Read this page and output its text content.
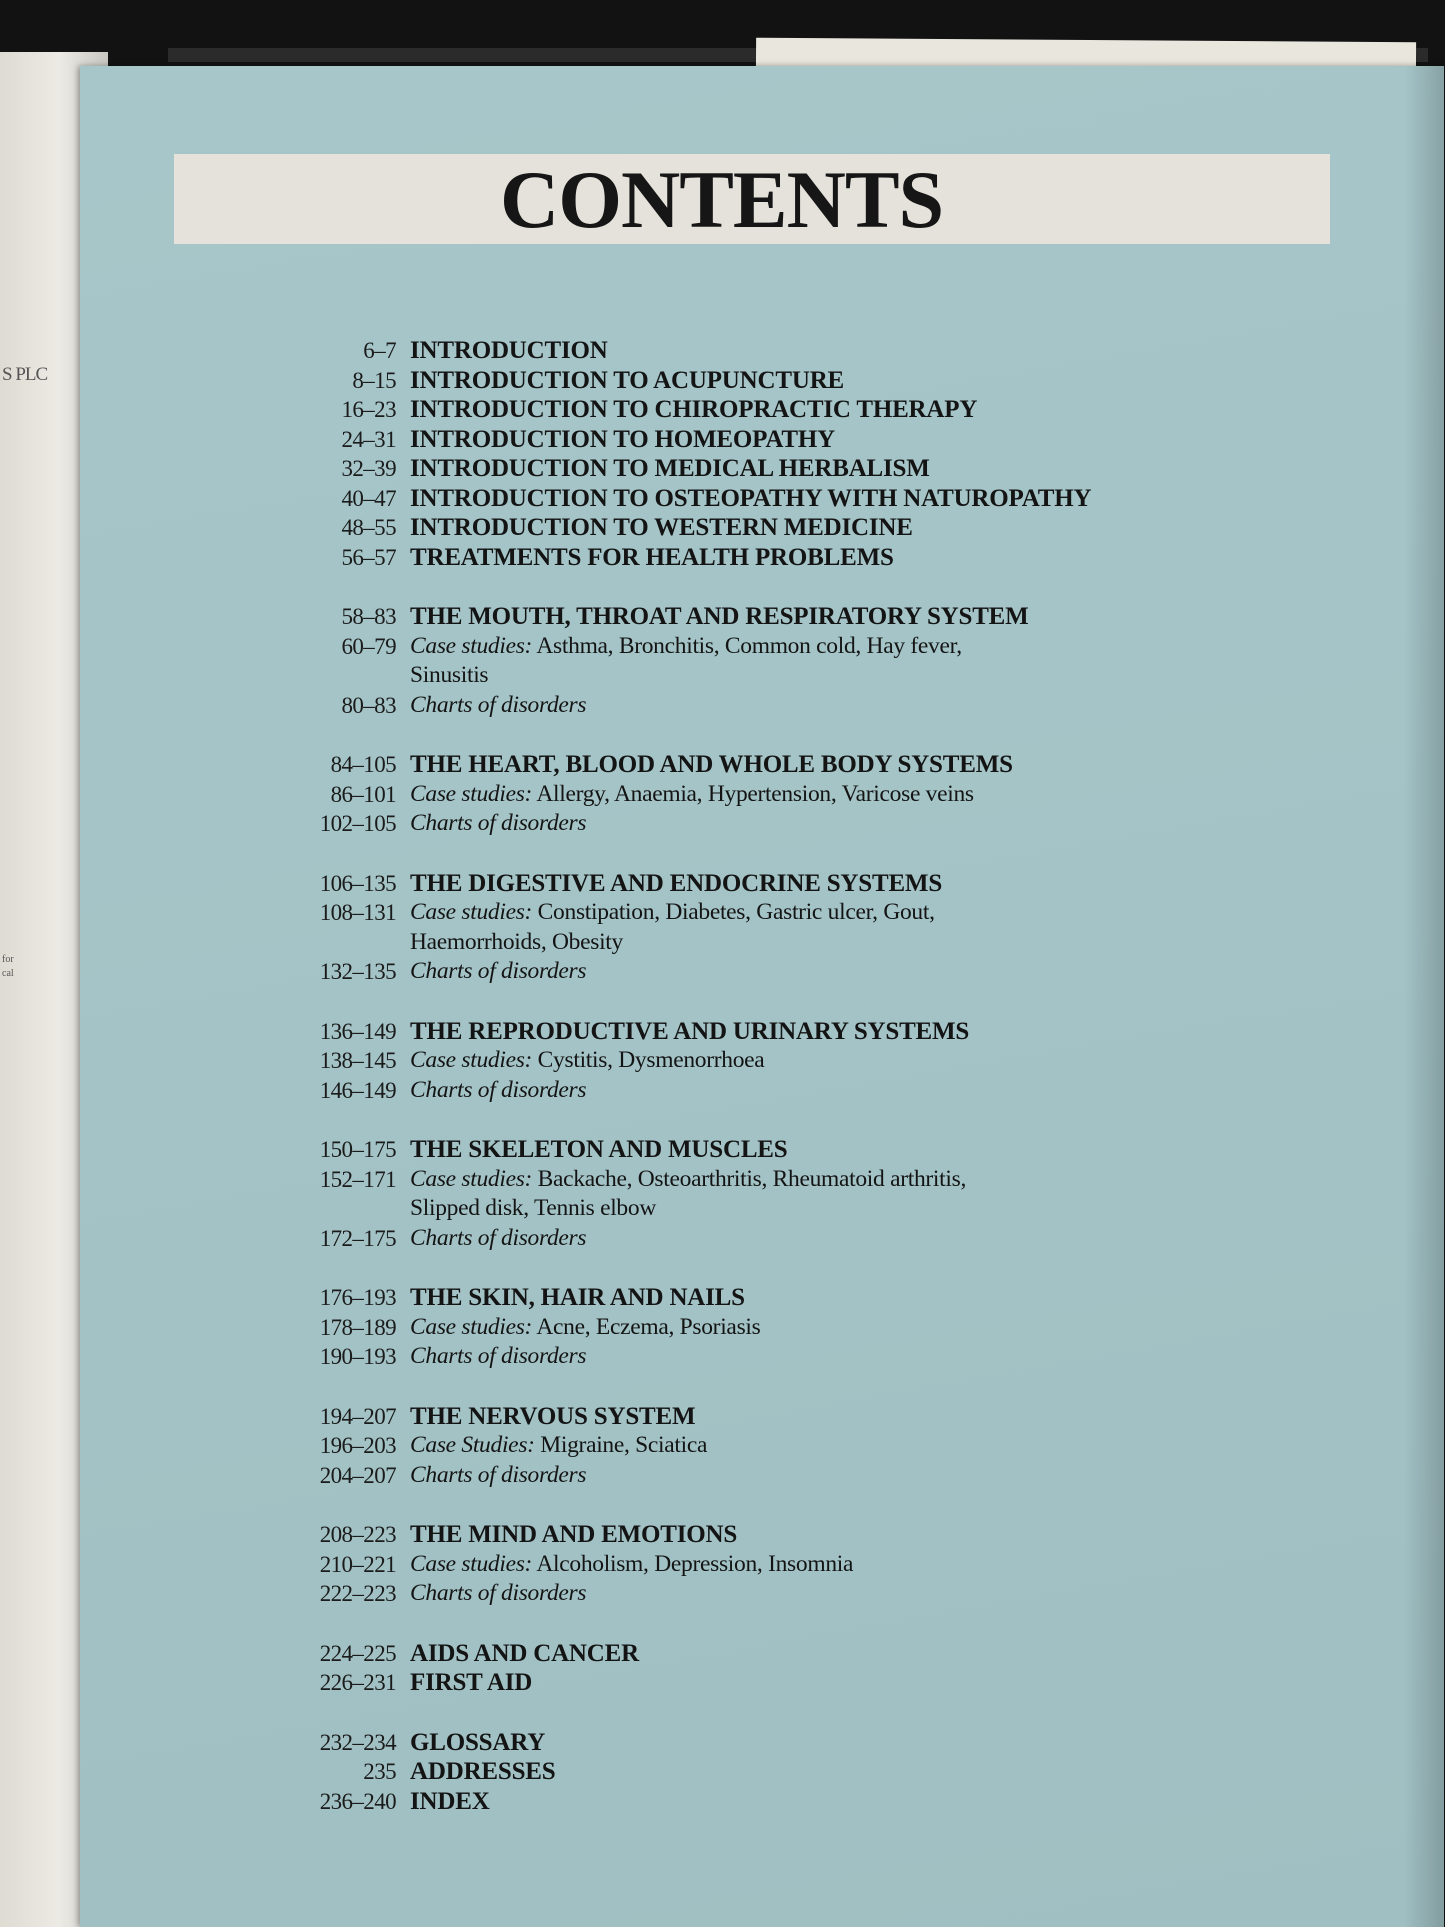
S PLC
for
cal
CONTENTS
6–7 INTRODUCTION
8–15 INTRODUCTION TO ACUPUNCTURE
16–23 INTRODUCTION TO CHIROPRACTIC THERAPY
24–31 INTRODUCTION TO HOMEOPATHY
32–39 INTRODUCTION TO MEDICAL HERBALISM
40–47 INTRODUCTION TO OSTEOPATHY WITH NATUROPATHY
48–55 INTRODUCTION TO WESTERN MEDICINE
56–57 TREATMENTS FOR HEALTH PROBLEMS
58–83 THE MOUTH, THROAT AND RESPIRATORY SYSTEM
60–79 Case studies: Asthma, Bronchitis, Common cold, Hay fever,
Sinusitis
80–83 Charts of disorders
84–105 THE HEART, BLOOD AND WHOLE BODY SYSTEMS
86–101 Case studies: Allergy, Anaemia, Hypertension, Varicose veins
102–105 Charts of disorders
106–135 THE DIGESTIVE AND ENDOCRINE SYSTEMS
108–131 Case studies: Constipation, Diabetes, Gastric ulcer, Gout,
Haemorrhoids, Obesity
132–135 Charts of disorders
136–149 THE REPRODUCTIVE AND URINARY SYSTEMS
138–145 Case studies: Cystitis, Dysmenorrhoea
146–149 Charts of disorders
150–175 THE SKELETON AND MUSCLES
152–171 Case studies: Backache, Osteoarthritis, Rheumatoid arthritis,
Slipped disk, Tennis elbow
172–175 Charts of disorders
176–193 THE SKIN, HAIR AND NAILS
178–189 Case studies: Acne, Eczema, Psoriasis
190–193 Charts of disorders
194–207 THE NERVOUS SYSTEM
196–203 Case Studies: Migraine, Sciatica
204–207 Charts of disorders
208–223 THE MIND AND EMOTIONS
210–221 Case studies: Alcoholism, Depression, Insomnia
222–223 Charts of disorders
224–225 AIDS AND CANCER
226–231 FIRST AID
232–234 GLOSSARY
235 ADDRESSES
236–240 INDEX
